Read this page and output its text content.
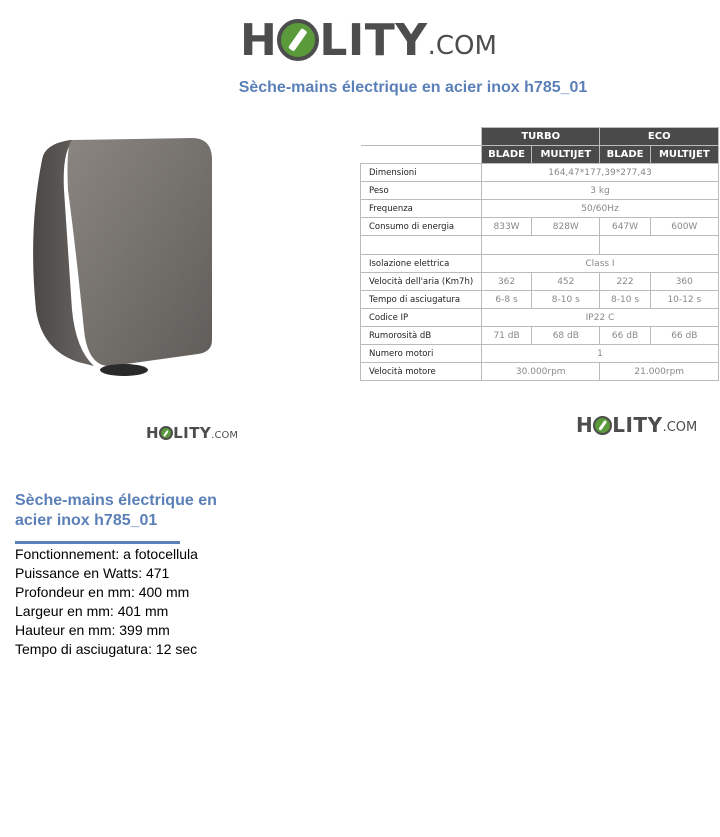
H LITY .COM
Sèche-mains électrique en acier inox h785_01
	TURBO		ECO	
	BLADE	MULTIJET	BLADE	MULTIJET
Dimensioni	164,47*177,39*277,43			
Peso	3 kg			
Frequenza	50/60Hz			
Consumo di energia	833W	828W	647W	600W

Isolazione elettrica	Class I			
Velocità dell'aria (Km7h)	362	452	222	360
Tempo di asciugatura	6-8 s	8-10 s	8-10 s	10-12 s
Codice IP	IP22 C			
Rumorosità dB	71 dB	68 dB	66 dB	66 dB
Numero motori	1			
Velocità motore	30.000rpm		21.000rpm	
H LITY .COM	H LITY .COM
Sèche-mains électrique en acier inox h785_01
Fonctionnement: a fotocellula
Puissance en Watts: 471
Profondeur en mm: 400 mm
Largeur en mm: 401 mm
Hauteur en mm: 399 mm
Tempo di asciugatura: 12 sec
